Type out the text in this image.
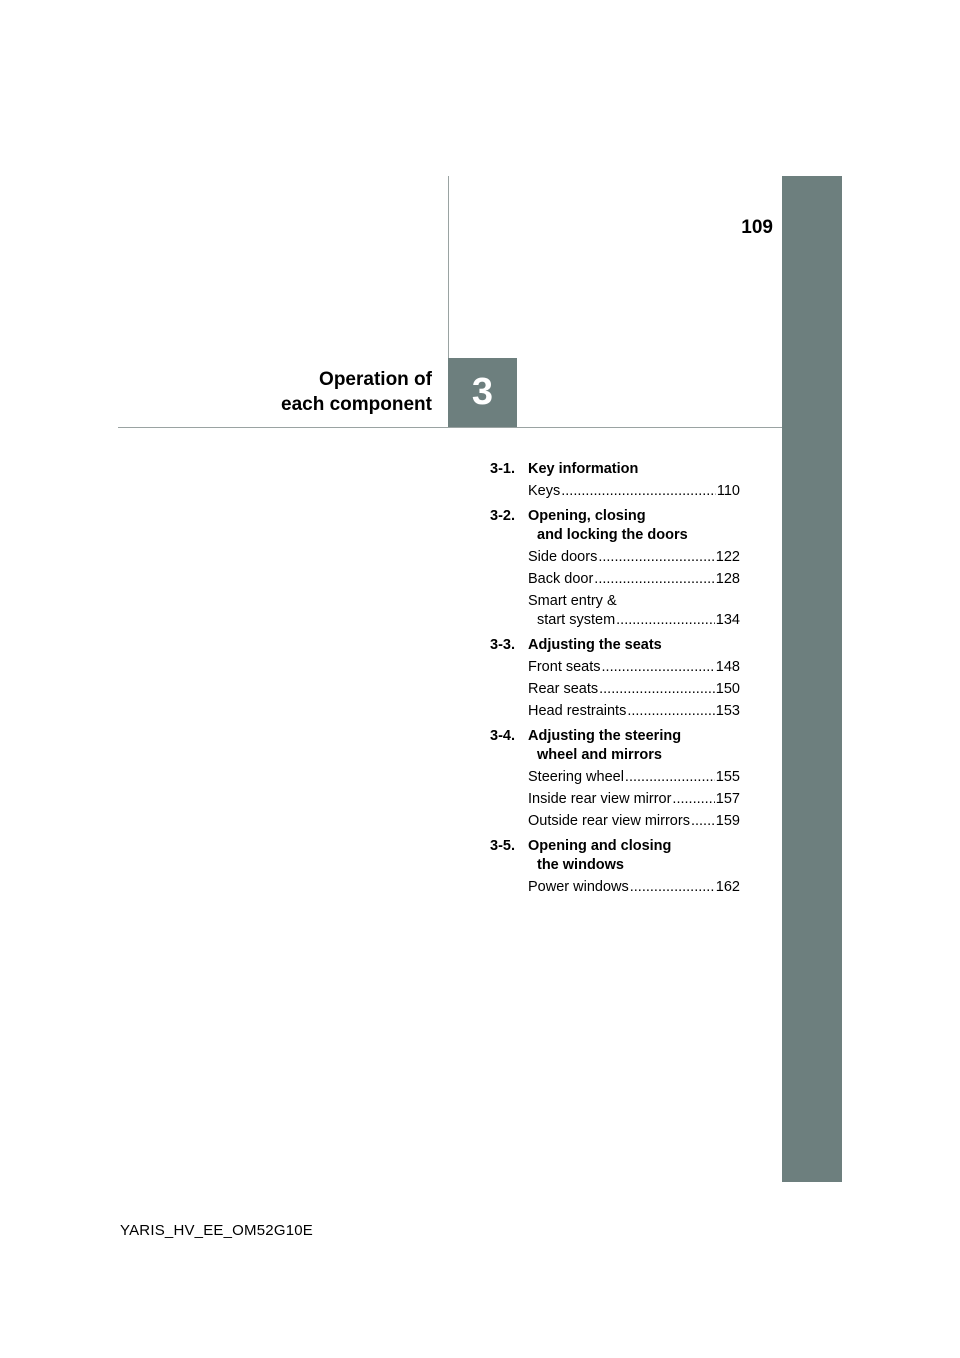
109
3
Operation of
each component
3-1. Key information
Keys .....	110
3-2. Opening, closing
and locking the doors
Side doors .....	122
Back door .....	128
Smart entry &
start system .....	134
3-3. Adjusting the seats
Front seats .....	148
Rear seats .....	150
Head restraints .....	153
3-4. Adjusting the steering
wheel and mirrors
Steering wheel .....	155
Inside rear view mirror .....	157
Outside rear view mirrors ..... 159
3-5. Opening and closing
the windows
Power windows .....	162
YARIS_HV_EE_OM52G10E
